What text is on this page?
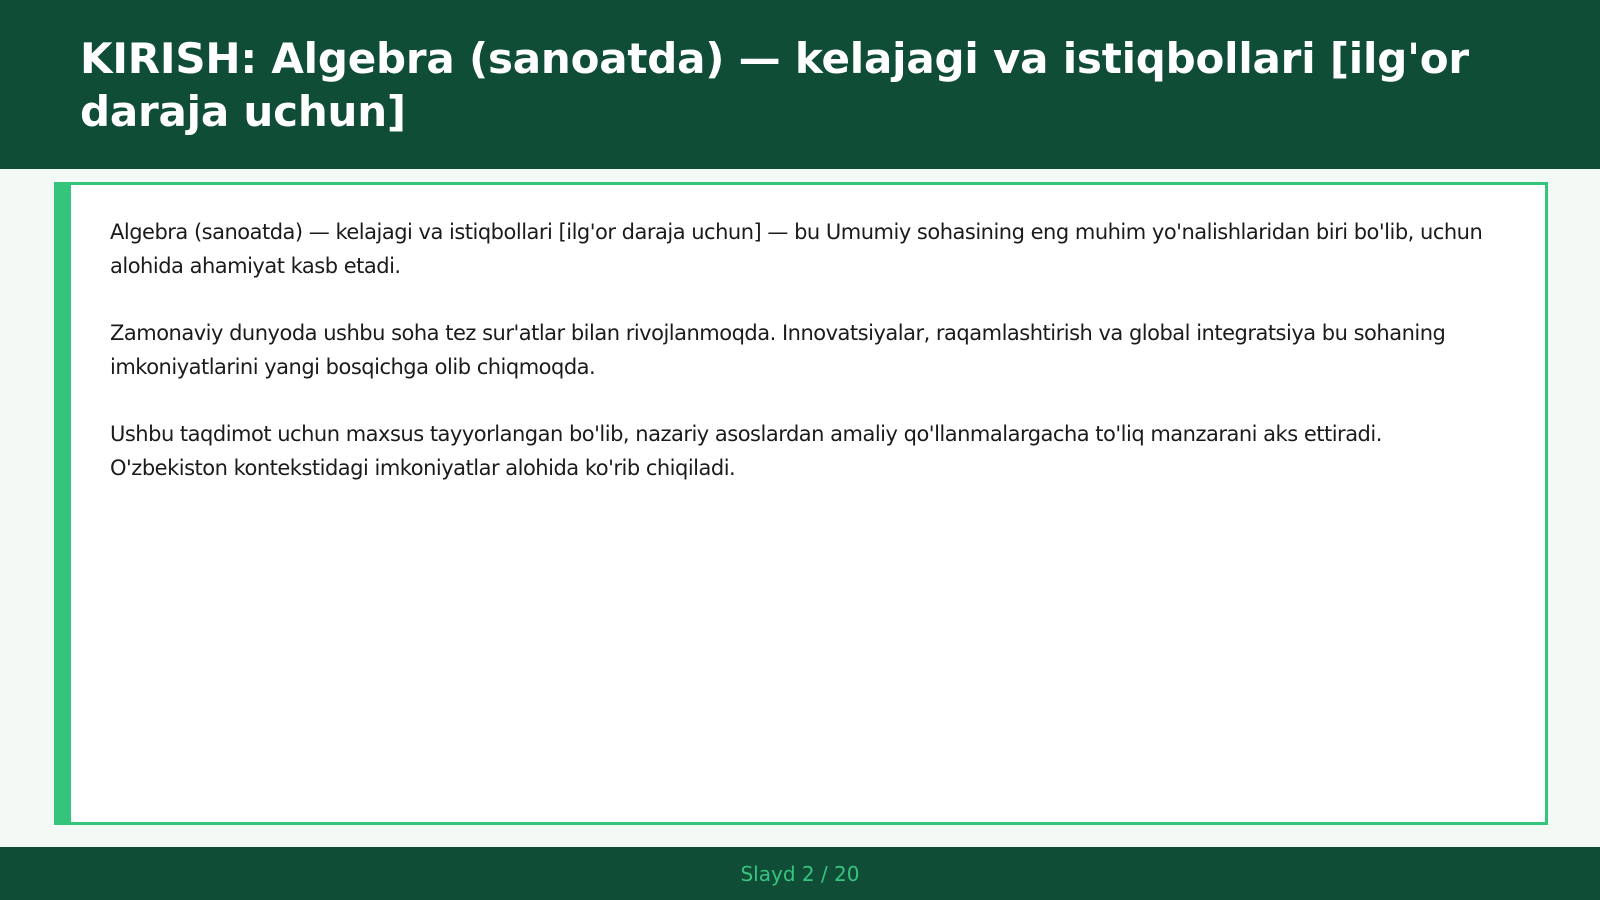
KIRISH: Algebra (sanoatda) — kelajagi va istiqbollari [ilg'or daraja uchun]

Algebra (sanoatda) — kelajagi va istiqbollari [ilg'or daraja uchun] — bu Umumiy sohasining eng muhim yo'nalishlaridan biri bo'lib, uchun alohida ahamiyat kasb etadi.

Zamonaviy dunyoda ushbu soha tez sur'atlar bilan rivojlanmoqda. Innovatsiyalar, raqamlashtirish va global integratsiya bu sohaning imkoniyatlarini yangi bosqichga olib chiqmoqda.

Ushbu taqdimot uchun maxsus tayyorlangan bo'lib, nazariy asoslardan amaliy qo'llanmalargacha to'liq manzarani aks ettiradi. O'zbekiston kontekstidagi imkoniyatlar alohida ko'rib chiqiladi.

Slayd 2 / 20
